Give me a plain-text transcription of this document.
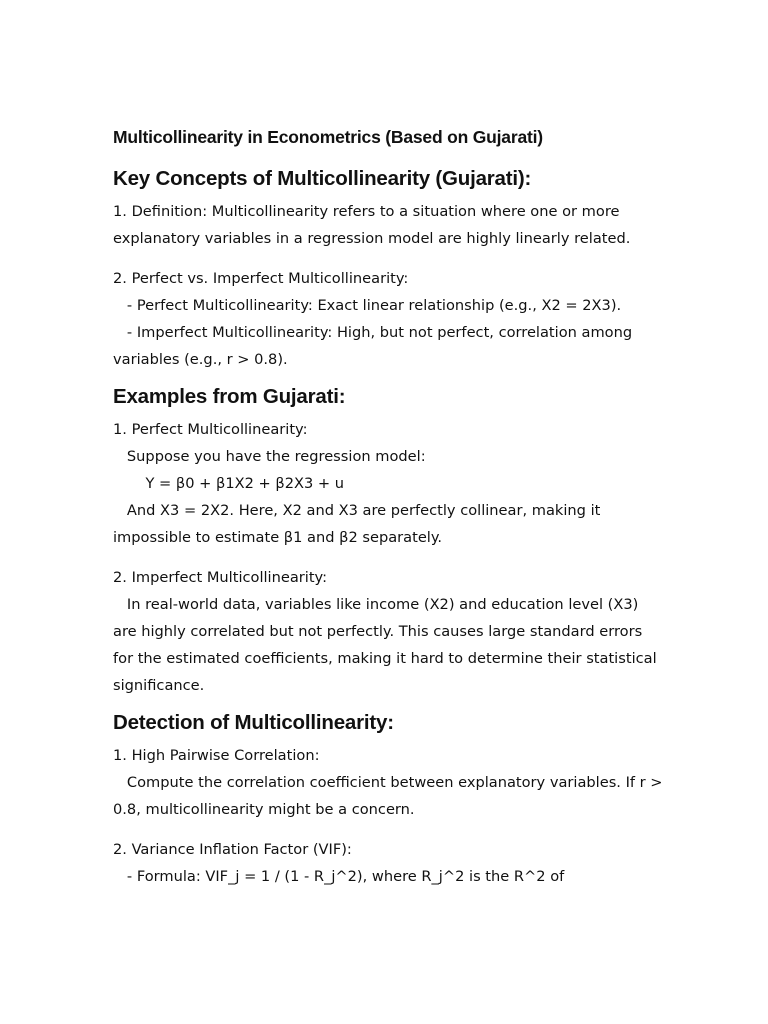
Multicollinearity in Econometrics (Based on Gujarati)
Key Concepts of Multicollinearity (Gujarati):
1. Definition: Multicollinearity refers to a situation where one or more explanatory variables in a regression model are highly linearly related.
2. Perfect vs. Imperfect Multicollinearity:
- Perfect Multicollinearity: Exact linear relationship (e.g., X2 = 2X3).
- Imperfect Multicollinearity: High, but not perfect, correlation among variables (e.g., r > 0.8).
Examples from Gujarati:
1. Perfect Multicollinearity:
Suppose you have the regression model:
Y = β0 + β1X2 + β2X3 + u
And X3 = 2X2. Here, X2 and X3 are perfectly collinear, making it impossible to estimate β1 and β2 separately.
2. Imperfect Multicollinearity:
In real-world data, variables like income (X2) and education level (X3) are highly correlated but not perfectly. This causes large standard errors for the estimated coefficients, making it hard to determine their statistical significance.
Detection of Multicollinearity:
1. High Pairwise Correlation:
Compute the correlation coefficient between explanatory variables. If r > 0.8, multicollinearity might be a concern.
2. Variance Inflation Factor (VIF):
- Formula: VIF_j = 1 / (1 - R_j^2), where R_j^2 is the R^2 of
